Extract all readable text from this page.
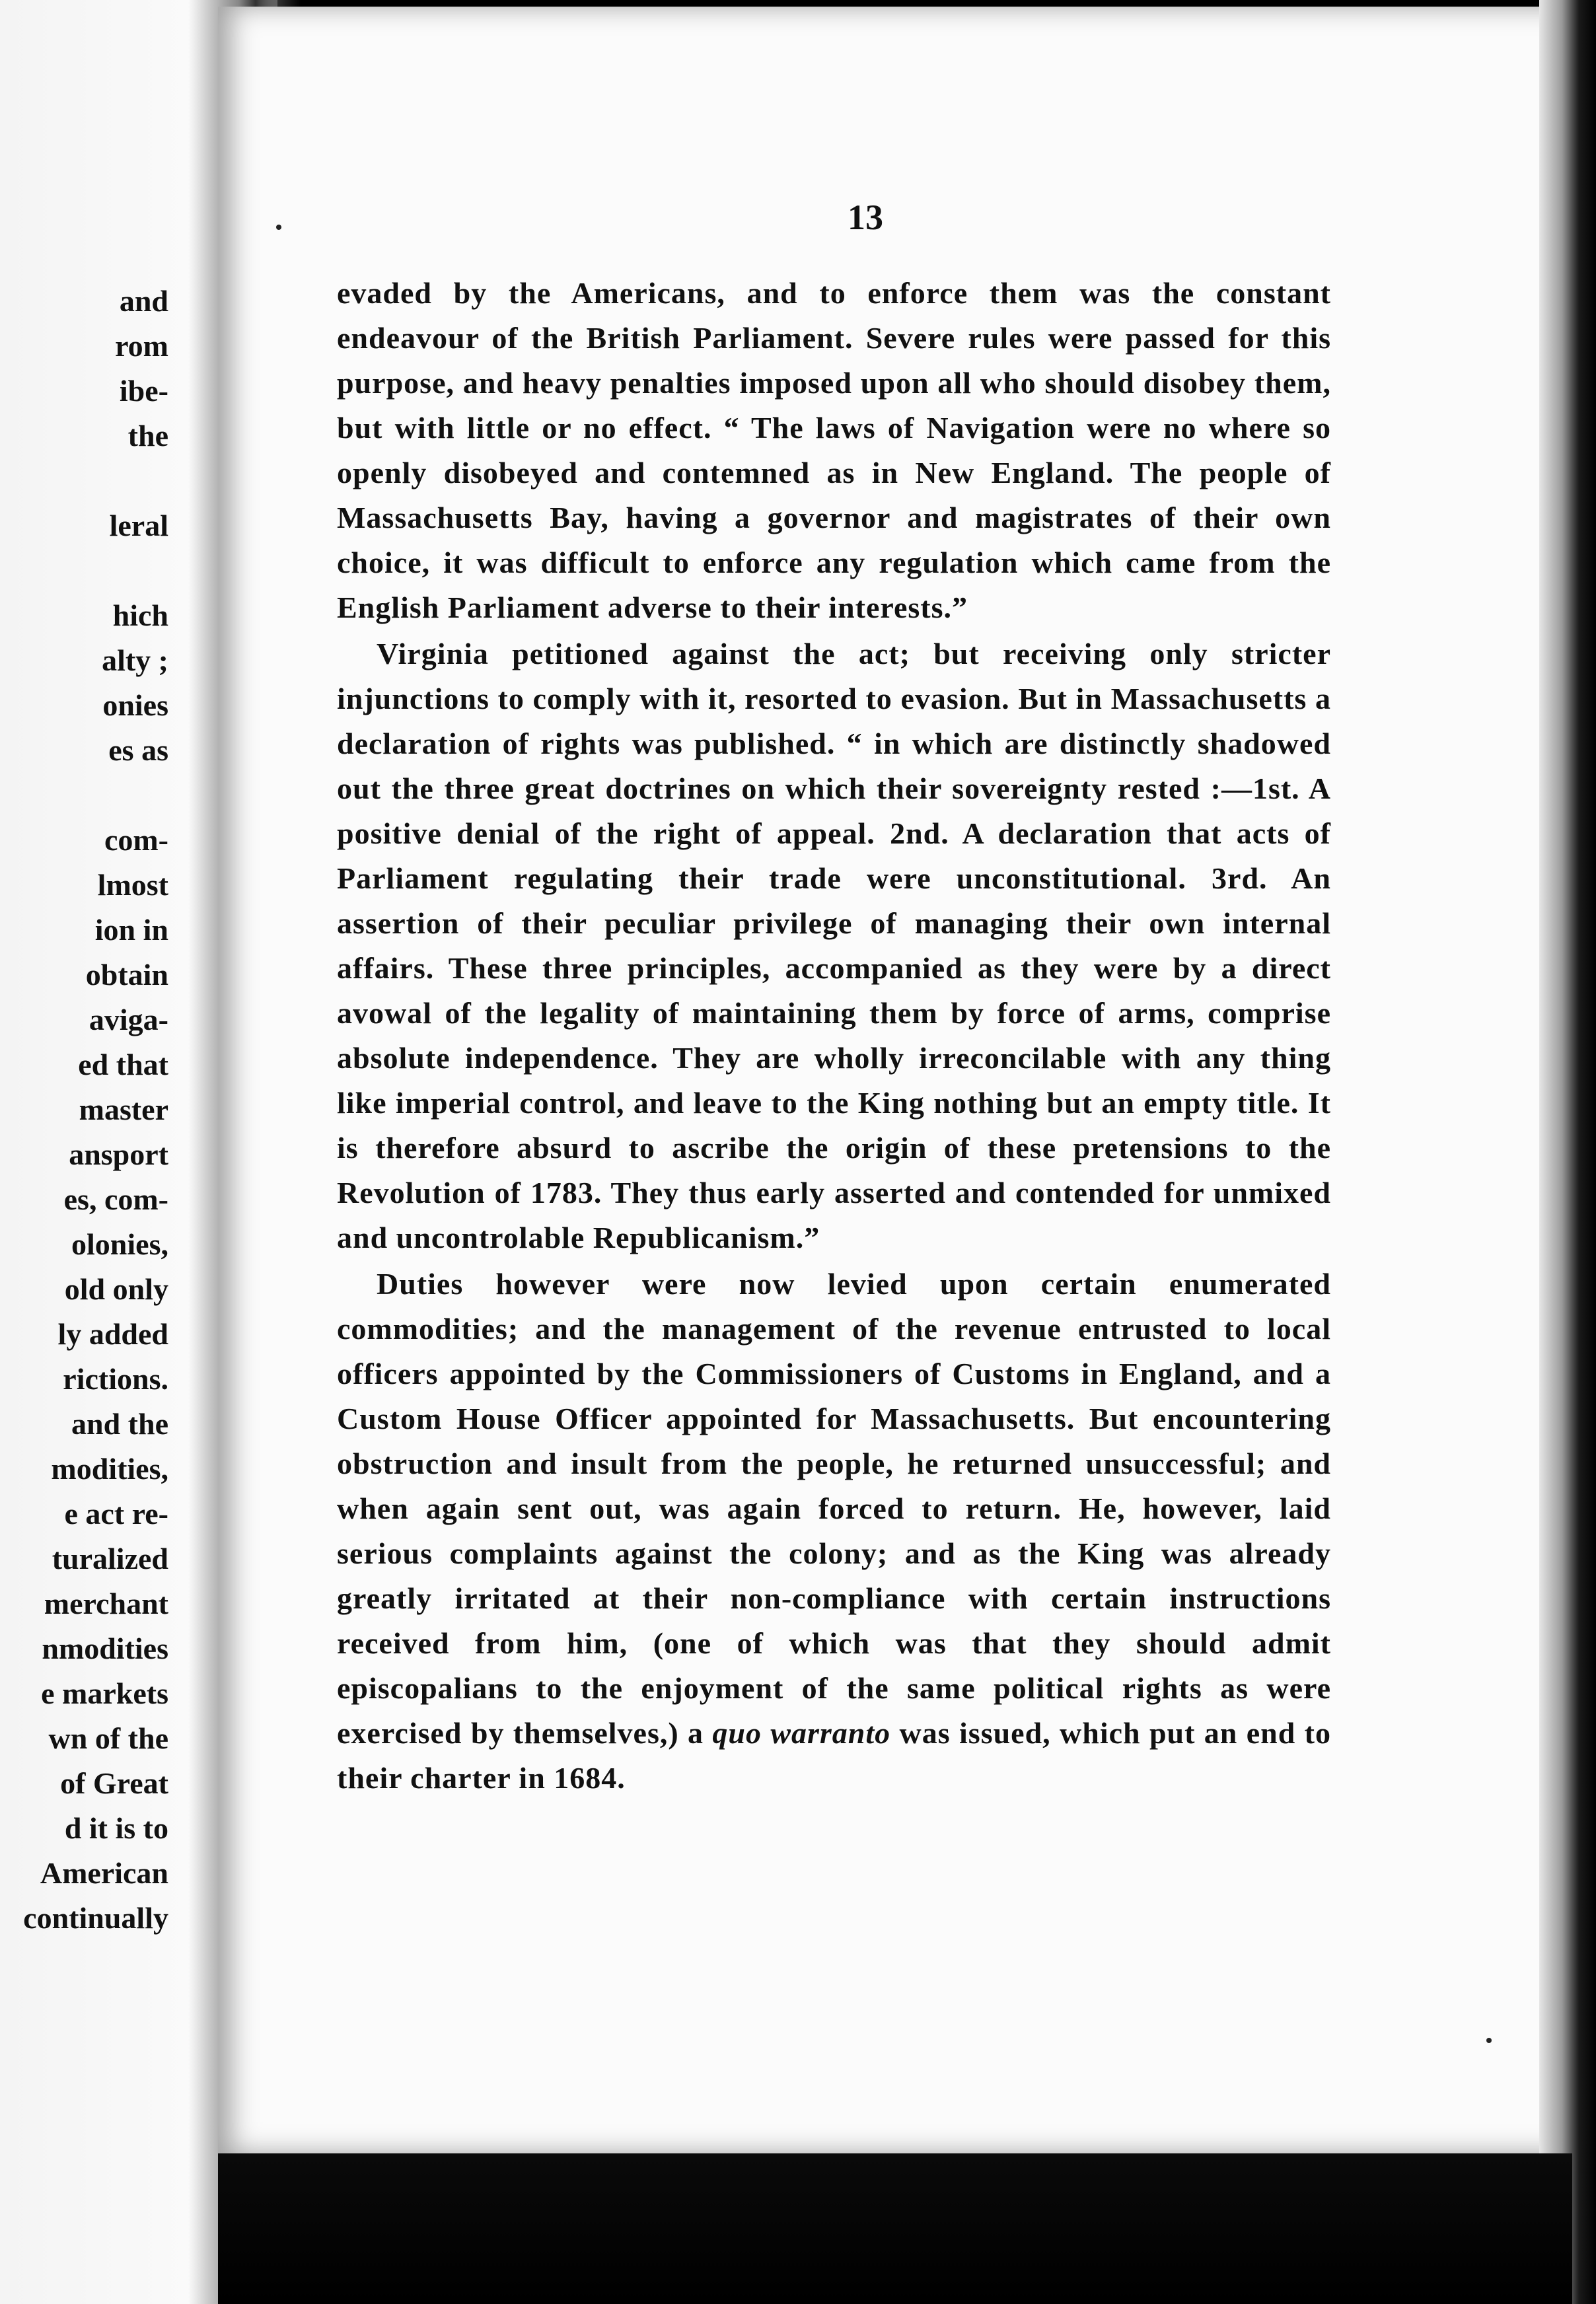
and
rom
ibe-
the

leral

hich
alty ;
onies
es as

com-
lmost
ion in
obtain
aviga-
ed that
master
ansport
es, com-
olonies,
old only
ly added
rictions.
and the
modities,
e act re-
turalized
merchant
nmodities
e markets
wn of the
of Great
d it is to
American
continually
13

evaded by the Americans, and to enforce them was the constant endeavour of the British Parliament. Severe rules were passed for this purpose, and heavy penalties imposed upon all who should disobey them, but with little or no effect. “ The laws of Navigation were no where so openly disobeyed and contemned as in New England. The people of Massachusetts Bay, having a governor and magistrates of their own choice, it was difficult to enforce any regulation which came from the English Parliament adverse to their interests.”

Virginia petitioned against the act; but receiving only stricter injunctions to comply with it, resorted to evasion. But in Massachusetts a declaration of rights was published. “ in which are distinctly shadowed out the three great doctrines on which their sovereignty rested :—1st. A positive denial of the right of appeal. 2nd. A declaration that acts of Parliament regulating their trade were unconstitutional. 3rd. An assertion of their peculiar privilege of managing their own internal affairs. These three principles, accompanied as they were by a direct avowal of the legality of maintaining them by force of arms, comprise absolute independence. They are wholly irreconcilable with any thing like imperial control, and leave to the King nothing but an empty title. It is therefore absurd to ascribe the origin of these pretensions to the Revolution of 1783. They thus early asserted and contended for unmixed and uncontrolable Republicanism.”

Duties however were now levied upon certain enumerated commodities; and the management of the revenue entrusted to local officers appointed by the Commissioners of Customs in England, and a Custom House Officer appointed for Massachusetts. But encountering obstruction and insult from the people, he returned unsuccessful; and when again sent out, was again forced to return. He, however, laid serious complaints against the colony; and as the King was already greatly irritated at their non-compliance with certain instructions received from him, (one of which was that they should admit episcopalians to the enjoyment of the same political rights as were exercised by themselves,) a quo warranto was issued, which put an end to their charter in 1684.
